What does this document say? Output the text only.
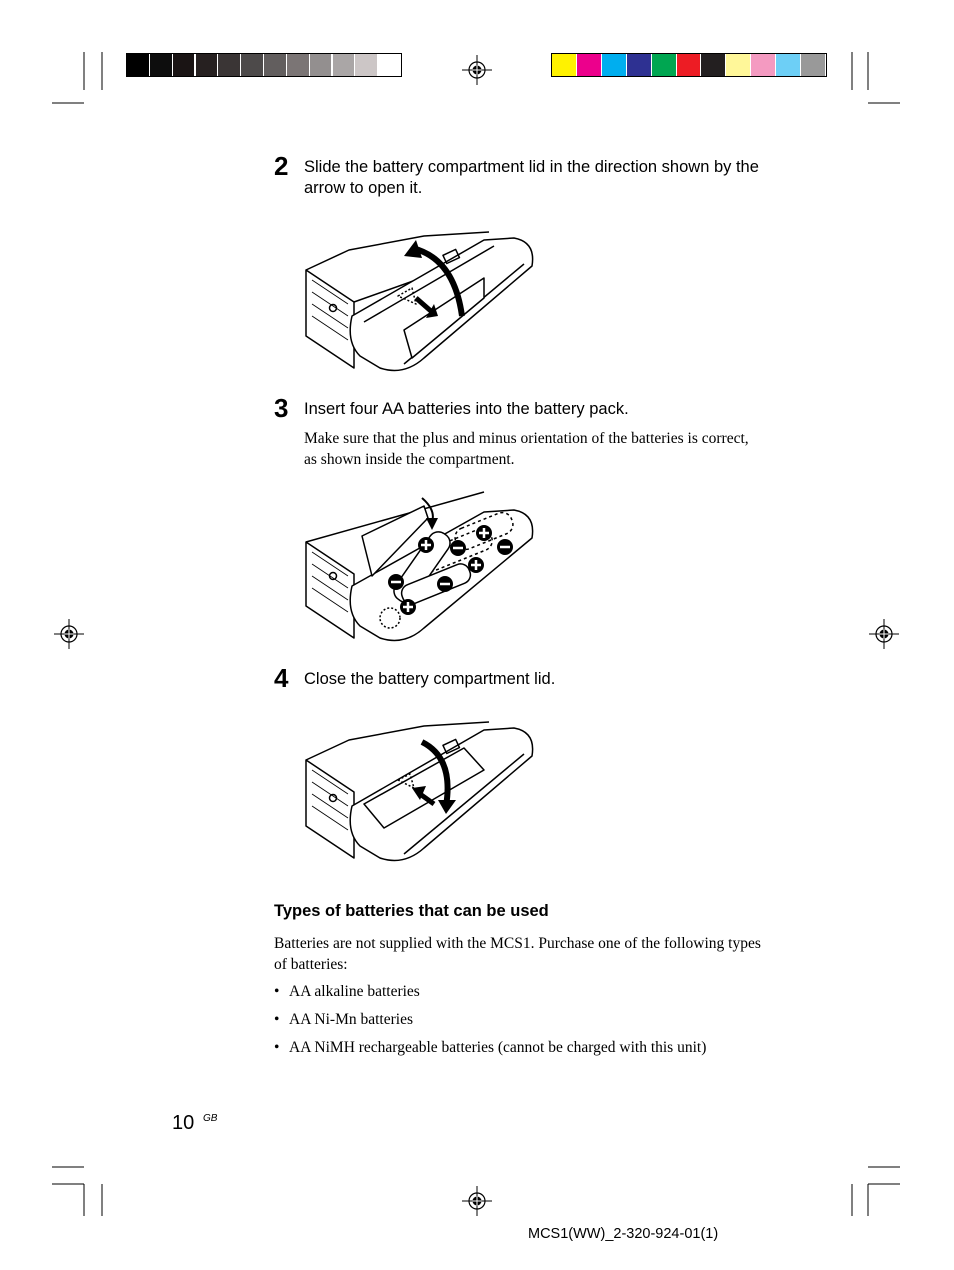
2 Slide the battery compartment lid in the direction shown by the arrow to open it.
3 Insert four AA batteries into the battery pack.
Make sure that the plus and minus orientation of the batteries is correct, as shown inside the compartment.
4 Close the battery compartment lid.
Types of batteries that can be used
Batteries are not supplied with the MCS1. Purchase one of the following types of batteries:
• AA alkaline batteries
• AA Ni-Mn batteries
• AA NiMH rechargeable batteries (cannot be charged with this unit)
10 GB
MCS1(WW)_2-320-924-01(1)
